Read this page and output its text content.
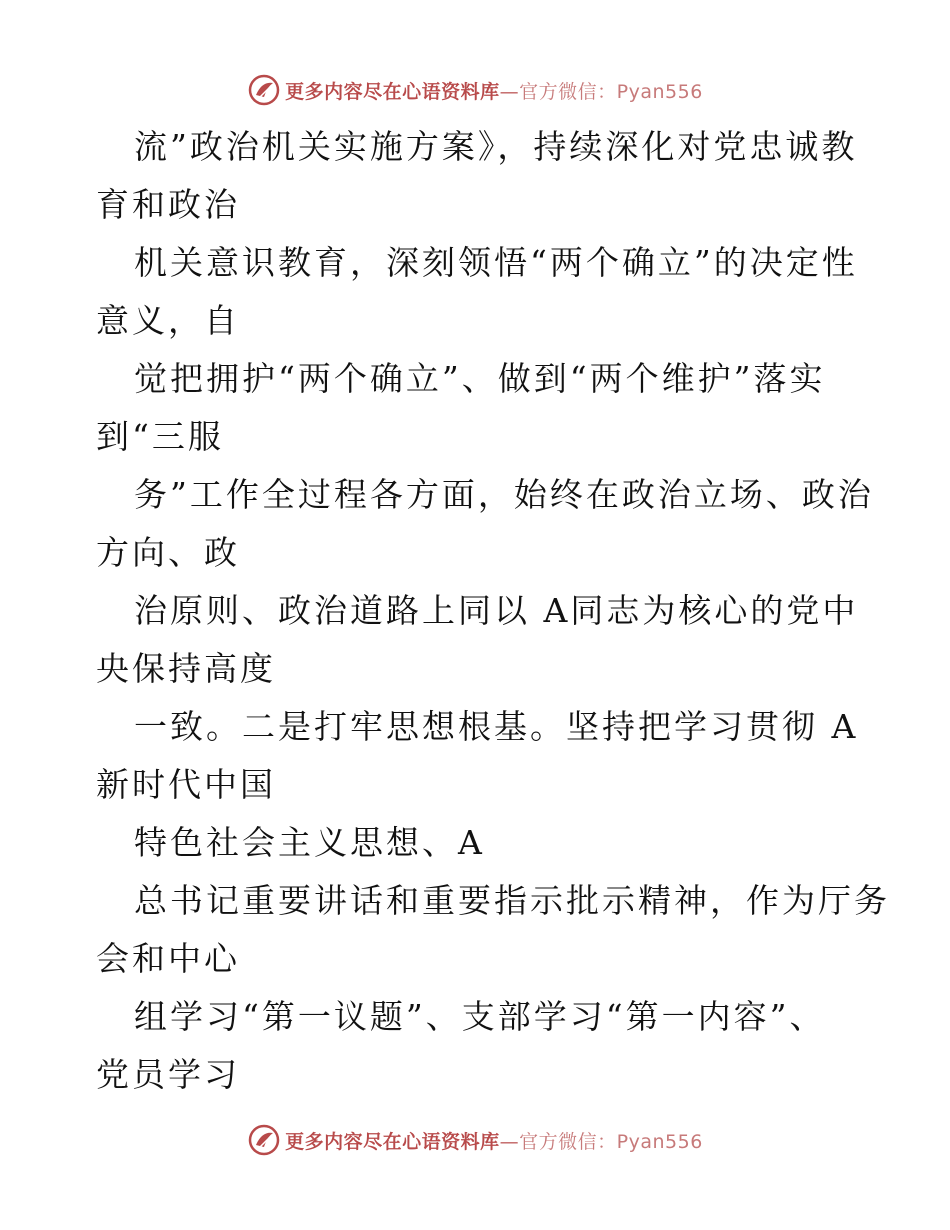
更多内容尽在心语资料库—官方微信：Pyan556
流”政治机关实施方案》，持续深化对党忠诚教
育和政治
机关意识教育，深刻领悟“两个确立”的决定性
意义，自
觉把拥护“两个确立”、做到“两个维护”落实
到“三服
务”工作全过程各方面，始终在政治立场、政治
方向、政
治原则、政治道路上同以 A同志为核心的党中
央保持高度
一致。二是打牢思想根基。坚持把学习贯彻 A
新时代中国
特色社会主义思想、A
总书记重要讲话和重要指示批示精神，作为厅务
会和中心
组学习“第一议题”、支部学习“第一内容”、
党员学习
更多内容尽在心语资料库—官方微信：Pyan556
